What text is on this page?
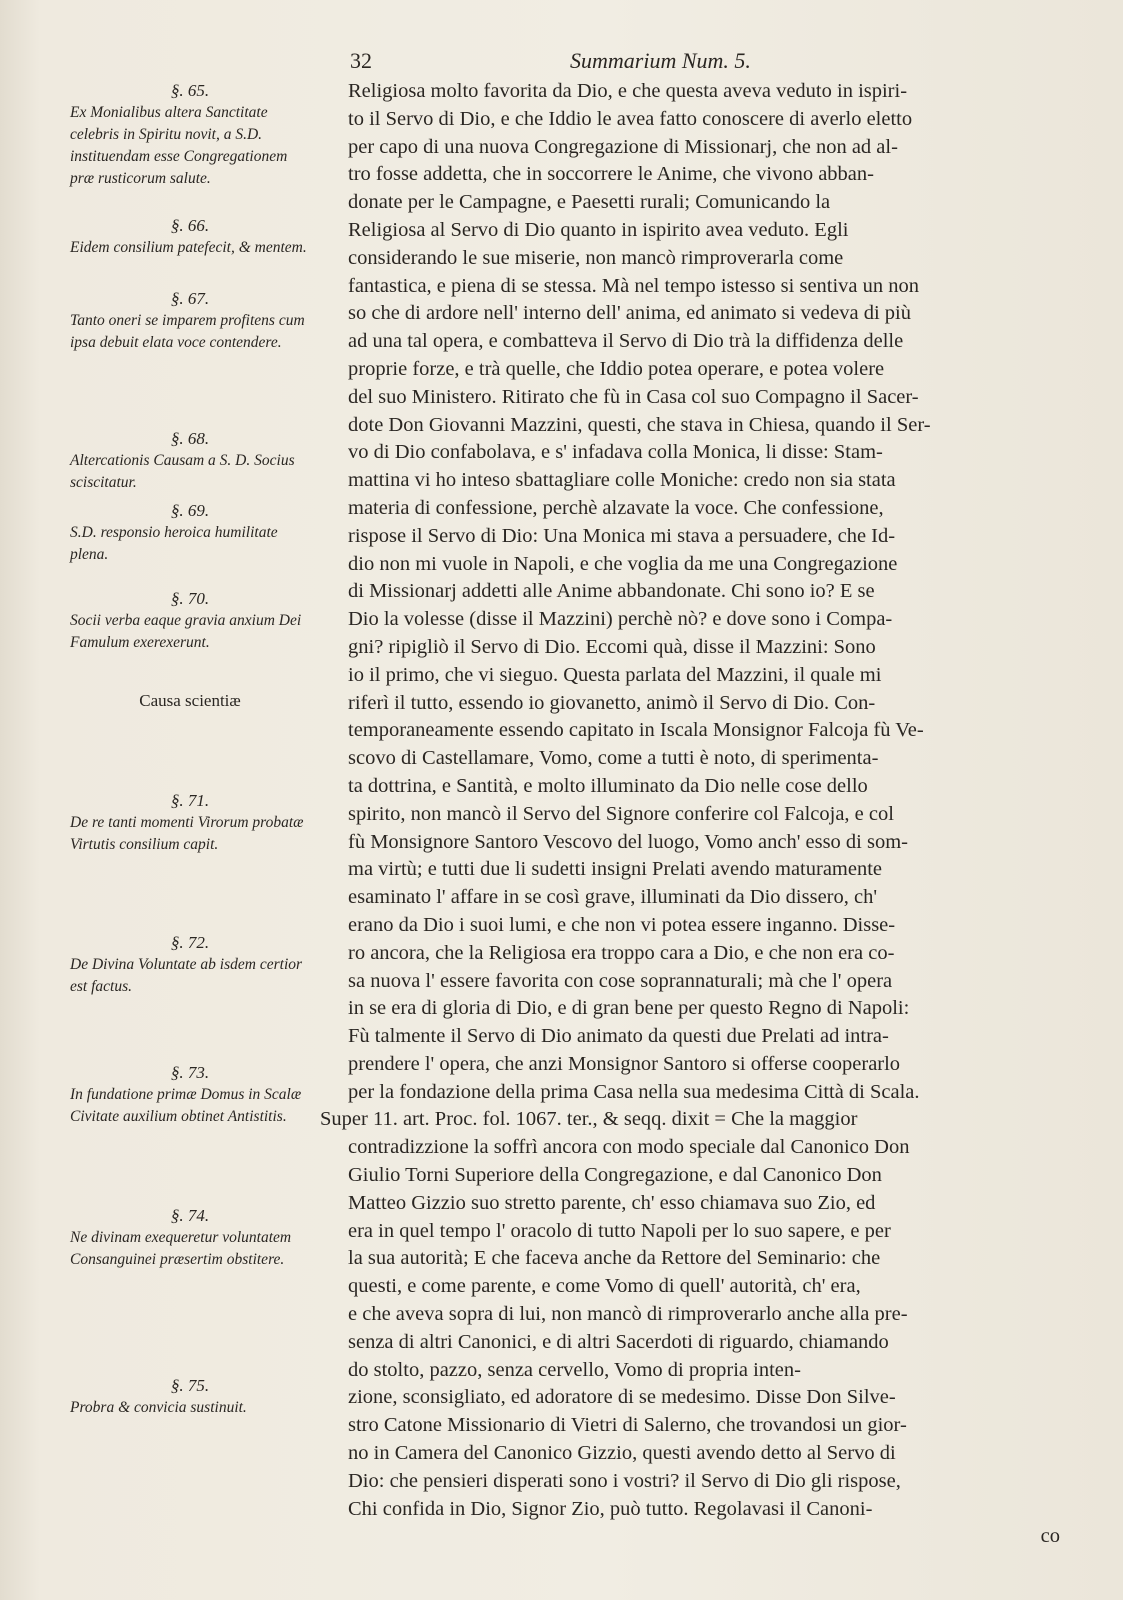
32	Summarium Num. 5.
§. 65.
Ex Monialibus altera Sanctitate celebris in Spiritu novit, a S.D. instituendam esse Congregationem præ rusticorum salute.
§. 66.
Eidem consilium patefecit, & mentem.
§. 67.
Tanto oneri se imparem profitens cum ipsa debuit elata voce contendere.
§. 68.
Altercationis Causam a S. D. Socius sciscitatur.
§. 69.
S.D. responsio heroica humilitate plena.
§. 70.
Socii verba eaque gravia anxium Dei Famulum exerexerunt.
Causa scientiæ
§. 71.
De re tanti momenti Virorum probatæ Virtutis consilium capit.
§. 72.
De Divina Voluntate ab isdem certior est factus.
§. 73.
In fundatione primæ Domus in Scalæ Civitate auxilium obtinet Antistitis.
§. 74.
Ne divinam exequeretur voluntatem Consanguinei præsertim obstitere.
§. 75.
Probra & convicia sustinuit.
Religiosa molto favorita da Dio, e che questa aveva veduto in ispiri-
to il Servo di Dio, e che Iddio le avea fatto conoscere di averlo eletto
per capo di una nuova Congregazione di Missionarj, che non ad al-
tro fosse addetta, che in soccorrere le Anime, che vivono abban-
donate per le Campagne, e Paesetti rurali; Comunicando la
Religiosa al Servo di Dio quanto in ispirito avea veduto. Egli
considerando le sue miserie, non mancò rimproverarla come
fantastica, e piena di se stessa. Mà nel tempo istesso si sentiva un non
so che di ardore nell' interno dell' anima, ed animato si vedeva di più
ad una tal opera, e combatteva il Servo di Dio trà la diffidenza delle
proprie forze, e trà quelle, che Iddio potea operare, e potea volere
del suo Ministero. Ritirato che fù in Casa col suo Compagno il Sacer-
dote Don Giovanni Mazzini, questi, che stava in Chiesa, quando il Ser-
vo di Dio confabolava, e s' infadava colla Monica, li disse: Stam-
mattina vi ho inteso sbattagliare colle Moniche: credo non sia stata
materia di confessione, perchè alzavate la voce. Che confessione,
rispose il Servo di Dio: Una Monica mi stava a persuadere, che Id-
dio non mi vuole in Napoli, e che voglia da me una Congregazione
di Missionarj addetti alle Anime abbandonate. Chi sono io? E se
Dio la volesse (disse il Mazzini) perchè nò? e dove sono i Compa-
gni? ripigliò il Servo di Dio. Eccomi quà, disse il Mazzini: Sono
io il primo, che vi sieguo. Questa parlata del Mazzini, il quale mi
riferì il tutto, essendo io giovanetto, animò il Servo di Dio. Con-
temporaneamente essendo capitato in Iscala Monsignor Falcoja fù Ve-
scovo di Castellamare, Vomo, come a tutti è noto, di sperimenta-
ta dottrina, e Santità, e molto illuminato da Dio nelle cose dello
spirito, non mancò il Servo del Signore conferire col Falcoja, e col
fù Monsignore Santoro Vescovo del luogo, Vomo anch' esso di som-
ma virtù; e tutti due li sudetti insigni Prelati avendo maturamente
esaminato l' affare in se così grave, illuminati da Dio dissero, ch'
erano da Dio i suoi lumi, e che non vi potea essere inganno. Disse-
ro ancora, che la Religiosa era troppo cara a Dio, e che non era co-
sa nuova l' essere favorita con cose soprannaturali; mà che l' opera
in se era di gloria di Dio, e di gran bene per questo Regno di Napoli:
Fù talmente il Servo di Dio animato da questi due Prelati ad intra-
prendere l' opera, che anzi Monsignor Santoro si offerse cooperarlo
per la fondazione della prima Casa nella sua medesima Città di Scala.
Super 11. art. Proc. fol. 1067. ter., & seqq. dixit = Che la maggior
contradizzione la soffrì ancora con modo speciale dal Canonico Don
Giulio Torni Superiore della Congregazione, e dal Canonico Don
Matteo Gizzio suo stretto parente, ch' esso chiamava suo Zio, ed
era in quel tempo l' oracolo di tutto Napoli per lo suo sapere, e per
la sua autorità; E che faceva anche da Rettore del Seminario: che
questi, e come parente, e come Vomo di quell' autorità, ch' era,
e che aveva sopra di lui, non mancò di rimproverarlo anche alla pre-
senza di altri Canonici, e di altri Sacerdoti di riguardo, chiamando
do stolto, pazzo, senza cervello, Vomo di propria inten-
zione, sconsigliato, ed adoratore di se medesimo. Disse Don Silve-
stro Catone Missionario di Vietri di Salerno, che trovandosi un gior-
no in Camera del Canonico Gizzio, questi avendo detto al Servo di
Dio: che pensieri disperati sono i vostri? il Servo di Dio gli rispose,
Chi confida in Dio, Signor Zio, può tutto. Regolavasi il Canoni-
co
